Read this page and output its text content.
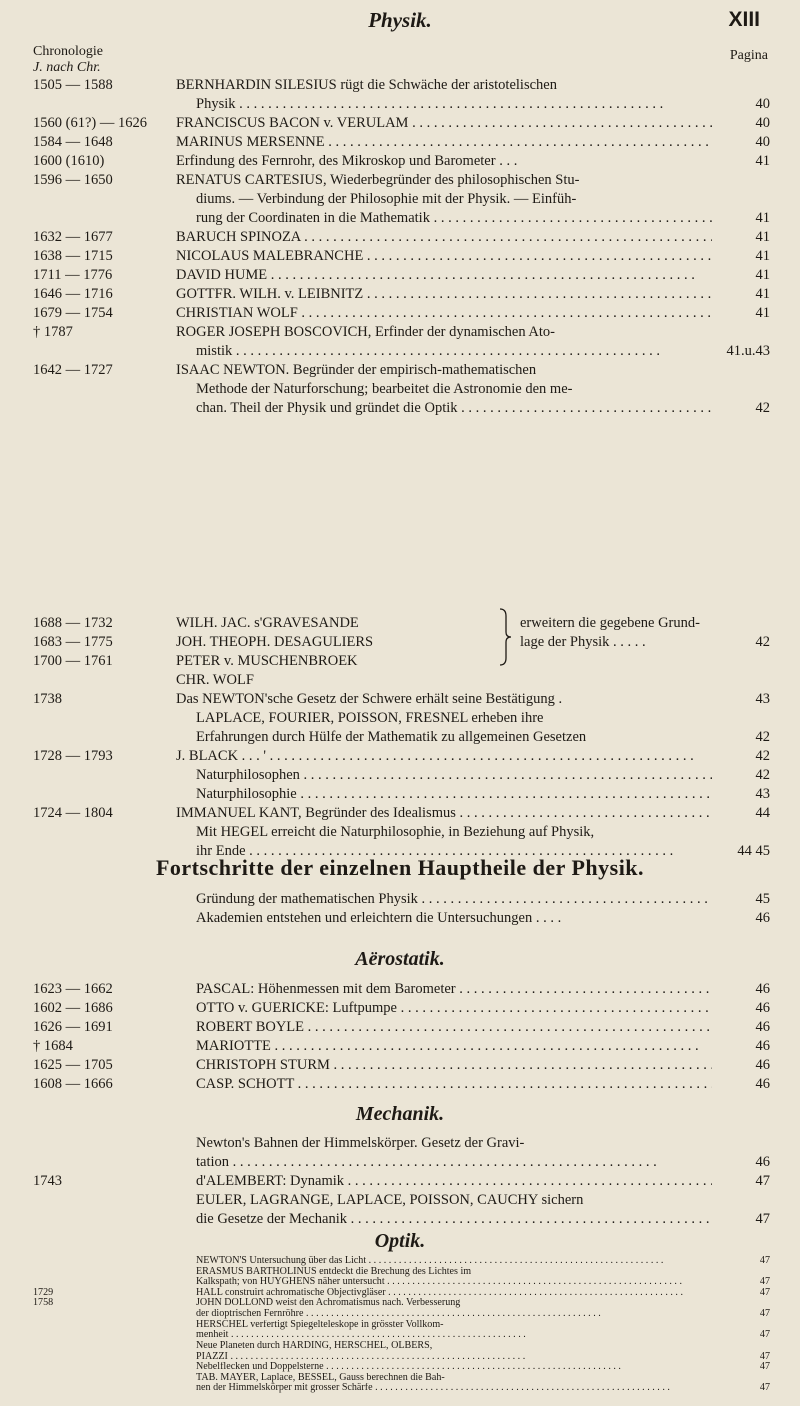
Physik.	XIII
Chronologie
J. nach Chr.
Pagina
1505 — 1588	BERNHARDIN SILESIUS rügt die Schwäche der aristotelischen
Physik . . .	40
1560 (61?) — 1626	FRANCISCUS BACON v. VERULAM . . .	40
1584 — 1648	MARINUS MERSENNE . . .	40
1600 (1610)	Erfindung des Fernrohr, des Mikroskop und Barometer . . .	41
1596 — 1650	RENATUS CARTESIUS, Wiederbegründer des philosophischen Stu-
diums. — Verbindung der Philosophie mit der Physik. — Einfüh-
rung der Coordinaten in die Mathematik . . .	41
1632 — 1677	BARUCH SPINOZA . . .	41
1638 — 1715	NICOLAUS MALEBRANCHE . . .	41
1711 — 1776	DAVID HUME . . .	41
1646 — 1716	GOTTFR. WILH. v. LEIBNITZ . . .	41
1679 — 1754	CHRISTIAN WOLF . . .	41
† 1787	ROGER JOSEPH BOSCOVICH, Erfinder der dynamischen Ato-
mistik . . .	41.u.43
1642 — 1727	ISAAC NEWTON. Begründer der empirisch-mathematischen
Methode der Naturforschung; bearbeitet die Astronomie den me-
chan. Theil der Physik und gründet die Optik . . .	42
1688 — 1732	WILH. JAC. s'GRAVESANDE
1683 — 1775	JOH. THEOPH. DESAGULIERS
1700 — 1761	PETER v. MUSCHENBROEK
CHR. WOLF
erweitern die gegebene Grund-
lage der Physik . . . . .	42
1738	Das NEWTON'sche Gesetz der Schwere erhält seine Bestätigung .	43
LAPLACE, FOURIER, POISSON, FRESNEL erheben ihre
Erfahrungen durch Hülfe der Mathematik zu allgemeinen Gesetzen	42
1728 — 1793	J. BLACK . . . ' . . .	42
Naturphilosophen . . .	42
Naturphilosophie . . .	43
1724 — 1804	IMMANUEL KANT, Begründer des Idealismus . . .	44
Mit HEGEL erreicht die Naturphilosophie, in Beziehung auf Physik,
ihr Ende . . .	44 45
Fortschritte der einzelnen Hauptheile der Physik.
Gründung der mathematischen Physik . . .	45
Akademien entstehen und erleichtern die Untersuchungen . . . .	46
Aërostatik.
1623 — 1662	PASCAL: Höhenmessen mit dem Barometer . . .	46
1602 — 1686	OTTO v. GUERICKE: Luftpumpe . . .	46
1626 — 1691	ROBERT BOYLE . . .	46
† 1684	MARIOTTE . . .	46
1625 — 1705	CHRISTOPH STURM . . .	46
1608 — 1666	CASP. SCHOTT . . .	46
Mechanik.
Newton's Bahnen der Himmelskörper. Gesetz der Gravi-
tation . . .	46
1743	d'ALEMBERT: Dynamik . . .	47
EULER, LAGRANGE, LAPLACE, POISSON, CAUCHY sichern
die Gesetze der Mechanik . . .	47
Optik.
NEWTON'S Untersuchung über das Licht . . .	47
ERASMUS BARTHOLINUS entdeckt die Brechung des Lichtes im
Kalkspath; von HUYGHENS näher untersucht . . .	47
1729	HALL construirt achromatische Objectivgläser . . .	47
1758	JOHN DOLLOND weist den Achromatismus nach. Verbesserung
der dioptrischen Fernröhre . . .	47
HERSCHEL verfertigt Spiegelteleskope in grösster Vollkom-
menheit . . .	47
Neue Planeten durch HARDING, HERSCHEL, OLBERS,
PIAZZI . . .	47
Nebelflecken und Doppelsterne . . .	47
TAB. MAYER, Laplace, BESSEL, Gauss berechnen die Bah-
nen der Himmelskörper mit grosser Schärfe . . .	47
